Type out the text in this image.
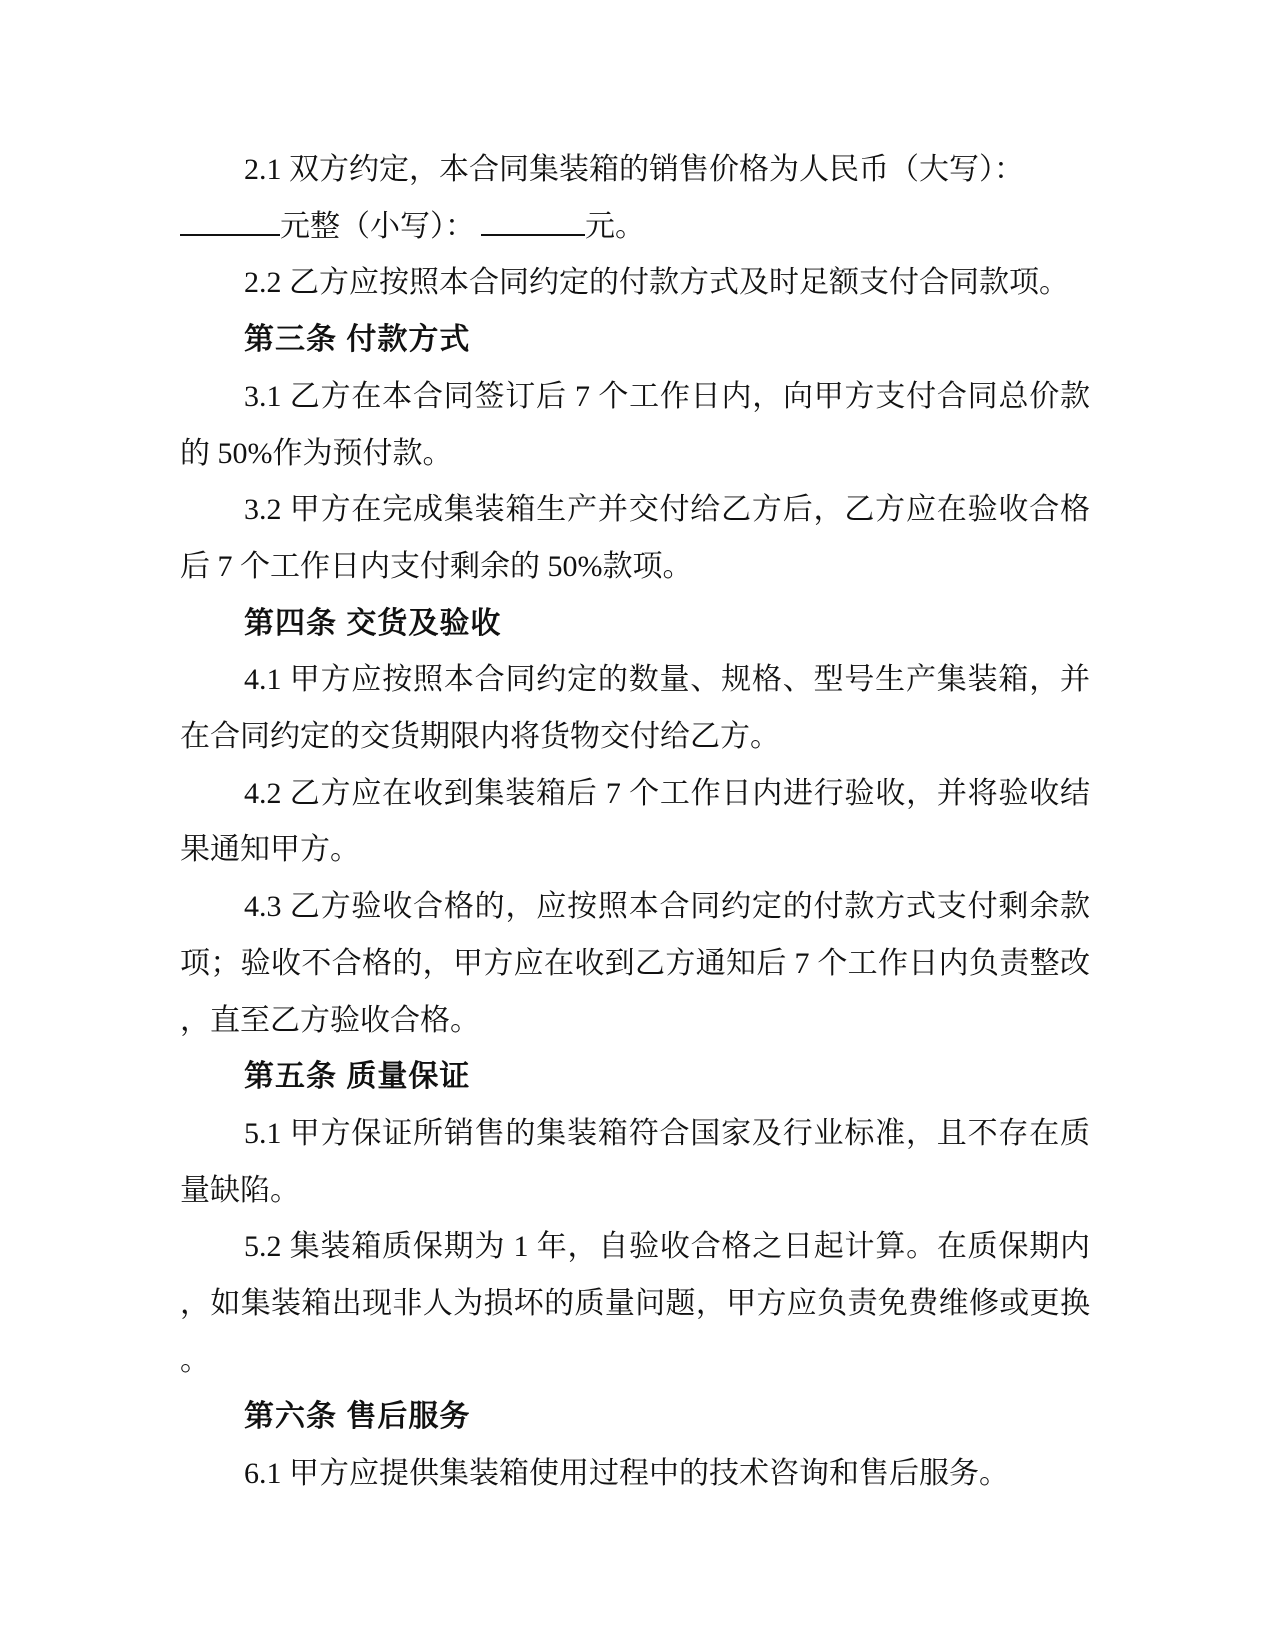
2.1 双方约定，本合同集装箱的销售价格为人民币（大写）：
元整（小写）：	元。
2.2 乙方应按照本合同约定的付款方式及时足额支付合同款项。
第三条 付款方式
3.1 乙方在本合同签订后 7 个工作日内，向甲方支付合同总价款
的 50%作为预付款。
3.2 甲方在完成集装箱生产并交付给乙方后，乙方应在验收合格
后 7 个工作日内支付剩余的 50%款项。
第四条 交货及验收
4.1 甲方应按照本合同约定的数量、规格、型号生产集装箱，并
在合同约定的交货期限内将货物交付给乙方。
4.2 乙方应在收到集装箱后 7 个工作日内进行验收，并将验收结
果通知甲方。
4.3 乙方验收合格的，应按照本合同约定的付款方式支付剩余款
项；验收不合格的，甲方应在收到乙方通知后 7 个工作日内负责整改
，直至乙方验收合格。
第五条 质量保证
5.1 甲方保证所销售的集装箱符合国家及行业标准，且不存在质
量缺陷。
5.2 集装箱质保期为 1 年，自验收合格之日起计算。在质保期内
，如集装箱出现非人为损坏的质量问题，甲方应负责免费维修或更换
。
第六条 售后服务
6.1 甲方应提供集装箱使用过程中的技术咨询和售后服务。
